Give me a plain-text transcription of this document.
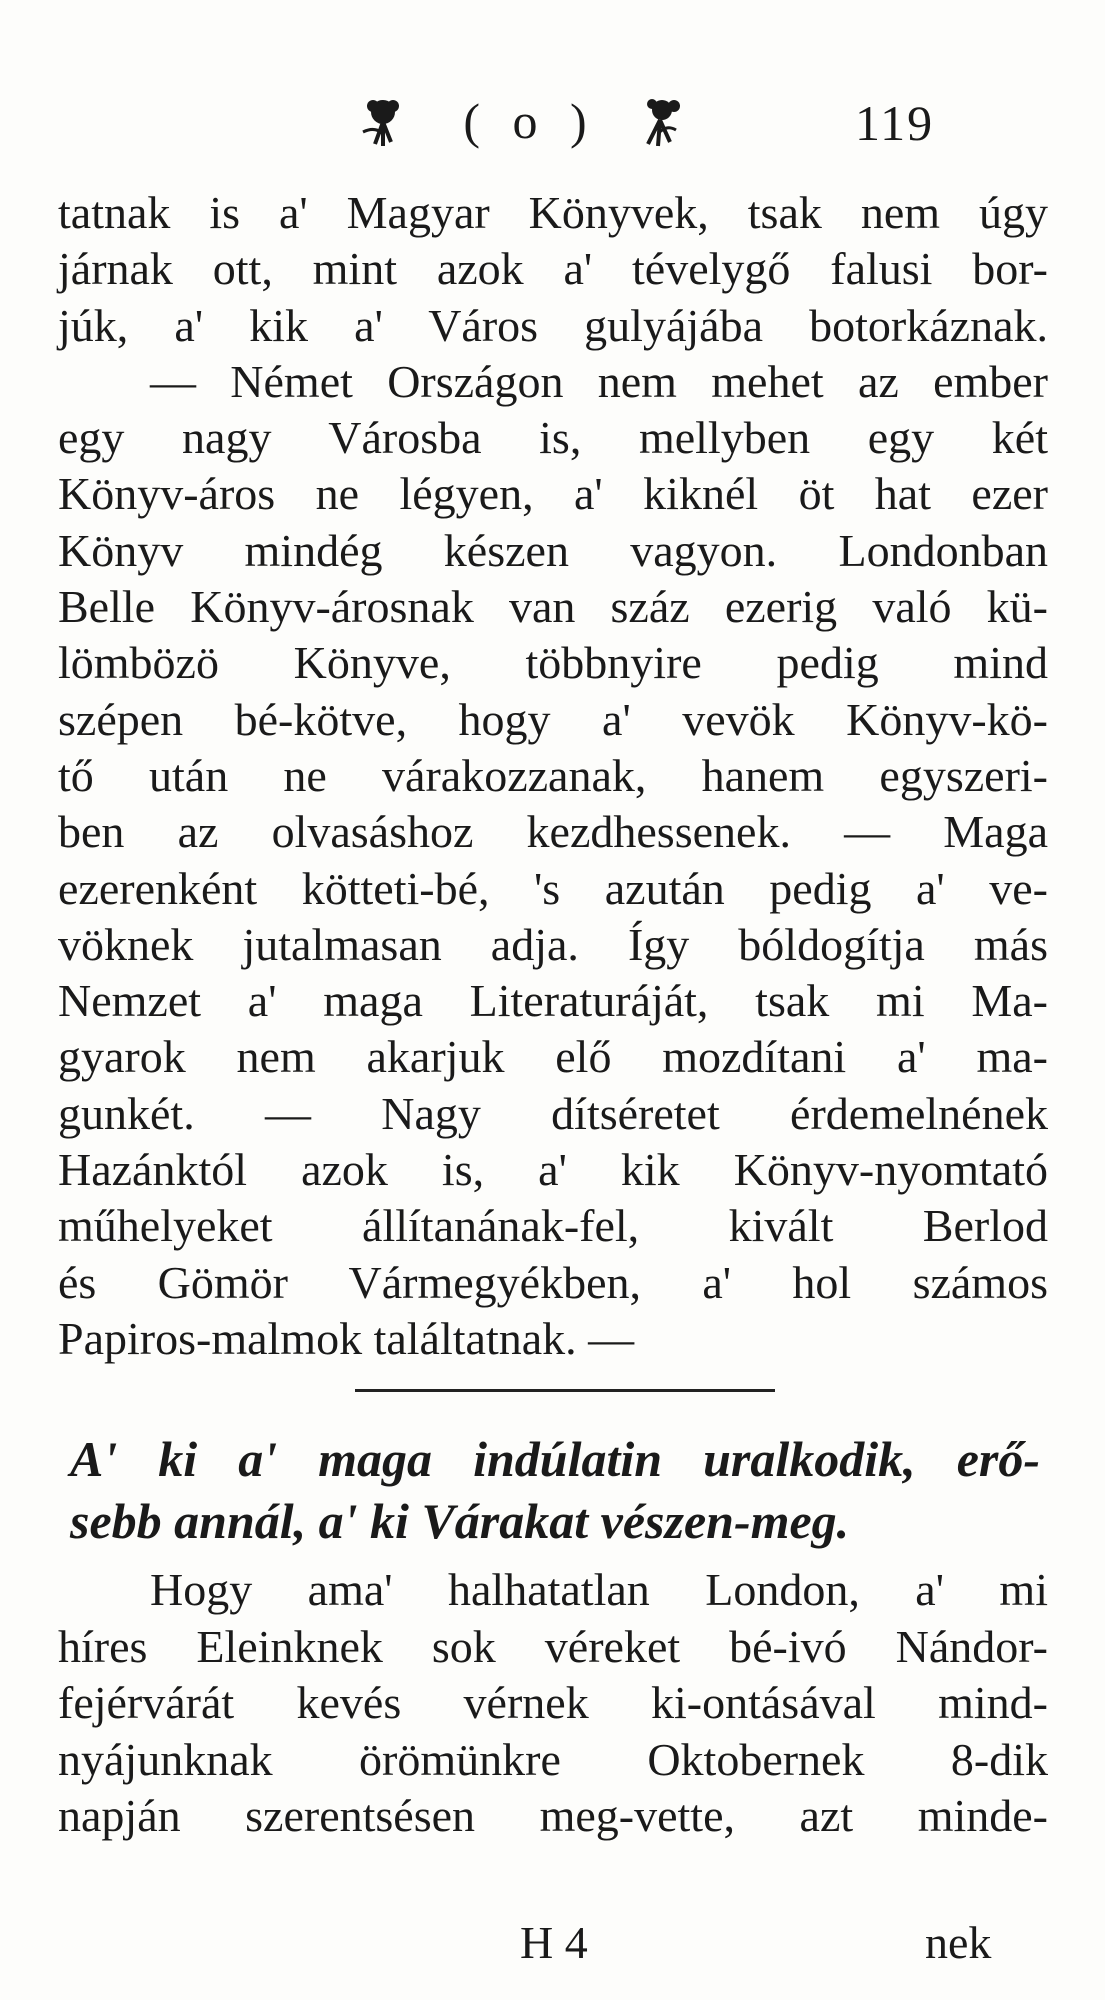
( o )	119
tatnak is a' Magyar Könyvek, tsak nem úgy
járnak ott, mint azok a' tévelygő falusi bor-
júk, a' kik a' Város gulyájába botorkáznak.
— Német Országon nem mehet az ember
egy nagy Városba is, mellyben egy két
Könyv-áros ne légyen, a' kiknél öt hat ezer
Könyv mindég készen vagyon. Londonban
Belle Könyv-árosnak van száz ezerig való kü-
lömbözö Könyve, többnyire pedig mind
szépen bé-kötve, hogy a' vevök Könyv-kö-
tő után ne várakozzanak, hanem egyszeri-
ben az olvasáshoz kezdhessenek. — Maga
ezerenként kötteti-bé, 's azután pedig a' ve-
vöknek jutalmasan adja. Így bóldogítja más
Nemzet a' maga Literaturáját, tsak mi Ma-
gyarok nem akarjuk elő mozdítani a' ma-
gunkét. — Nagy dítséretet érdemelnének
Hazánktól azok is, a' kik Könyv-nyomtató
műhelyeket állítanának-fel, kivált Berlod
és Gömör Vármegyékben, a' hol számos
Papiros-malmok találtatnak. —
A' ki a' maga indúlatin uralkodik, erő-
sebb annál, a' ki Várakat vészen-meg.
Hogy ama' halhatatlan London, a' mi
híres Eleinknek sok véreket bé-ivó Nándor-
fejérvárát kevés vérnek ki-ontásával mind-
nyájunknak örömünkre Oktobernek 8-dik
napján szerentsésen meg-vette, azt minde-
H 4	nek
